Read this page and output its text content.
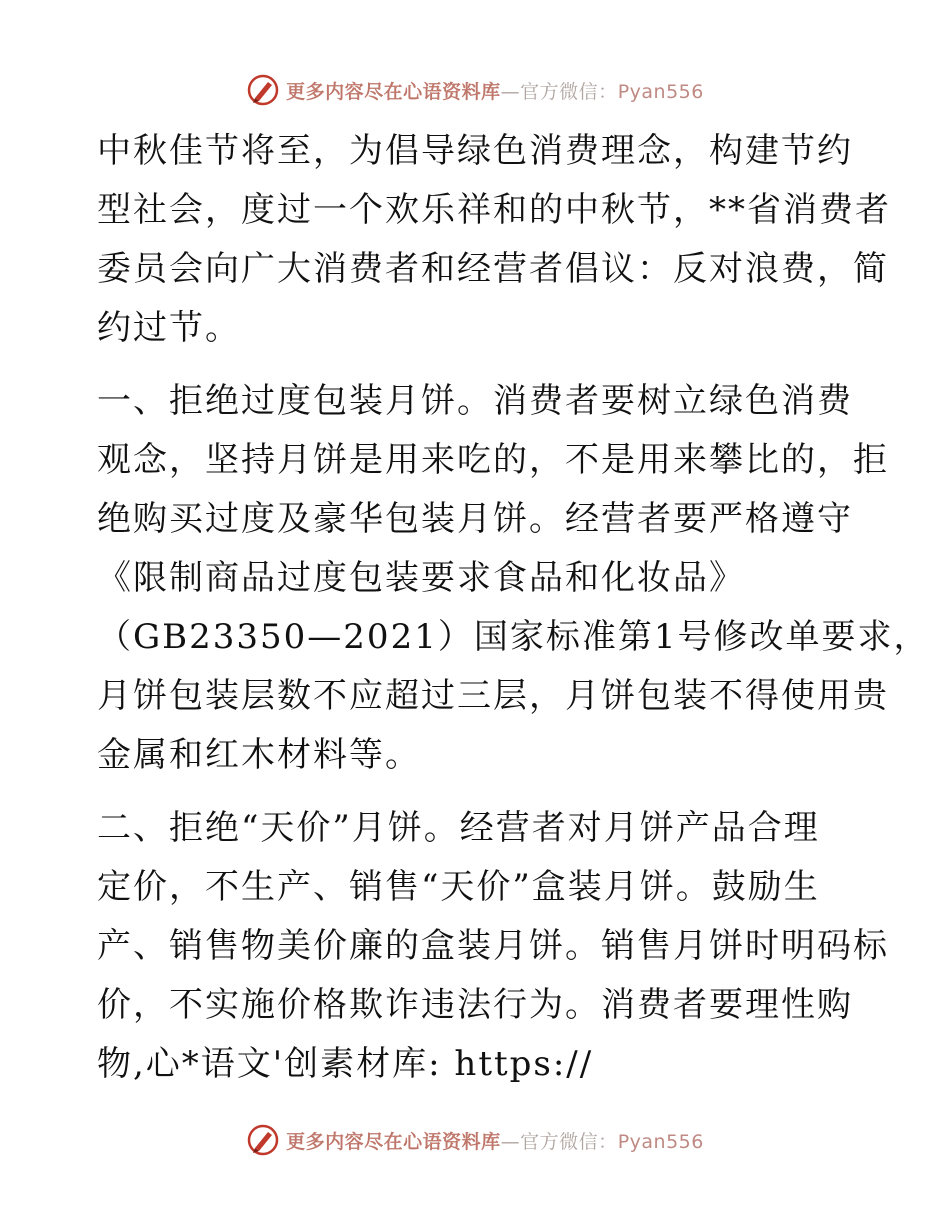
更多内容尽在心语资料库—官方微信：Pyan556
中秋佳节将至，为倡导绿色消费理念，构建节约
型社会，度过一个欢乐祥和的中秋节，**省消费者
委员会向广大消费者和经营者倡议：反对浪费，简
约过节。
一、拒绝过度包装月饼。消费者要树立绿色消费
观念，坚持月饼是用来吃的，不是用来攀比的，拒
绝购买过度及豪华包装月饼。经营者要严格遵守
《限制商品过度包装要求食品和化妆品》
（GB23350—2021）国家标准第1号修改单要求，
月饼包装层数不应超过三层，月饼包装不得使用贵
金属和红木材料等。
二、拒绝“天价”月饼。经营者对月饼产品合理
定价，不生产、销售“天价”盒装月饼。鼓励生
产、销售物美价廉的盒装月饼。销售月饼时明码标
价，不实施价格欺诈违法行为。消费者要理性购
物,心*语文'创素材库: https://
更多内容尽在心语资料库—官方微信：Pyan556
